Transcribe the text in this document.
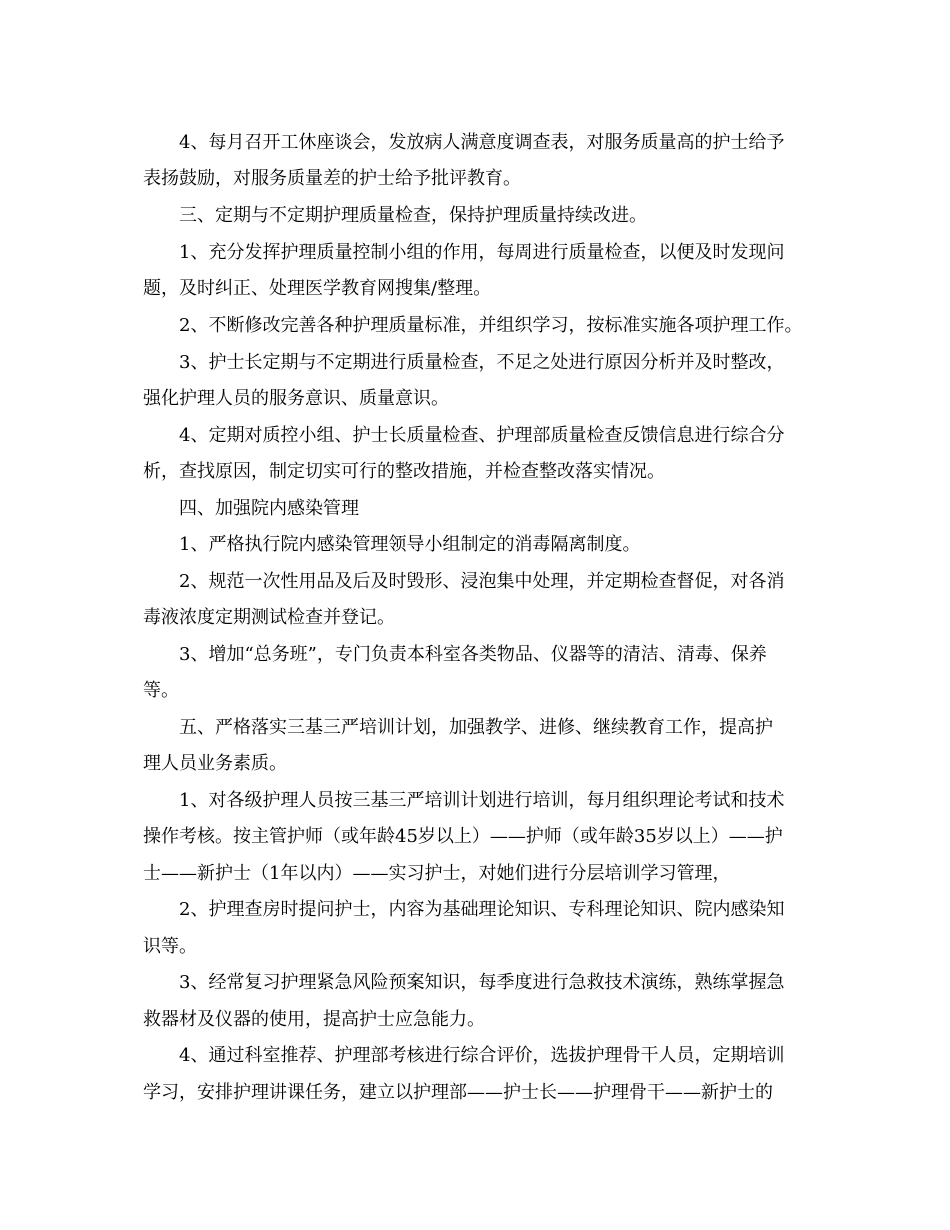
4、每月召开工休座谈会，发放病人满意度调查表，对服务质量高的护士给予
表扬鼓励，对服务质量差的护士给予批评教育。
三、定期与不定期护理质量检查，保持护理质量持续改进。
1、充分发挥护理质量控制小组的作用，每周进行质量检查，以便及时发现问
题，及时纠正、处理医学教育网搜集/整理。
2、不断修改完善各种护理质量标准，并组织学习，按标准实施各项护理工作。
3、护士长定期与不定期进行质量检查，不足之处进行原因分析并及时整改，
强化护理人员的服务意识、质量意识。
4、定期对质控小组、护士长质量检查、护理部质量检查反馈信息进行综合分
析，查找原因，制定切实可行的整改措施，并检查整改落实情况。
四、加强院内感染管理
1、严格执行院内感染管理领导小组制定的消毒隔离制度。
2、规范一次性用品及后及时毁形、浸泡集中处理，并定期检查督促，对各消
毒液浓度定期测试检查并登记。
3、增加“总务班”，专门负责本科室各类物品、仪器等的清洁、清毒、保养
等。
五、严格落实三基三严培训计划，加强教学、进修、继续教育工作，提高护
理人员业务素质。
1、对各级护理人员按三基三严培训计划进行培训，每月组织理论考试和技术
操作考核。按主管护师（或年龄45岁以上）——护师（或年龄35岁以上）——护
士——新护士（1年以内）——实习护士，对她们进行分层培训学习管理，
2、护理查房时提问护士，内容为基础理论知识、专科理论知识、院内感染知
识等。
3、经常复习护理紧急风险预案知识，每季度进行急救技术演练，熟练掌握急
救器材及仪器的使用，提高护士应急能力。
4、通过科室推荐、护理部考核进行综合评价，选拔护理骨干人员，定期培训
学习，安排护理讲课任务，建立以护理部——护士长——护理骨干——新护士的
